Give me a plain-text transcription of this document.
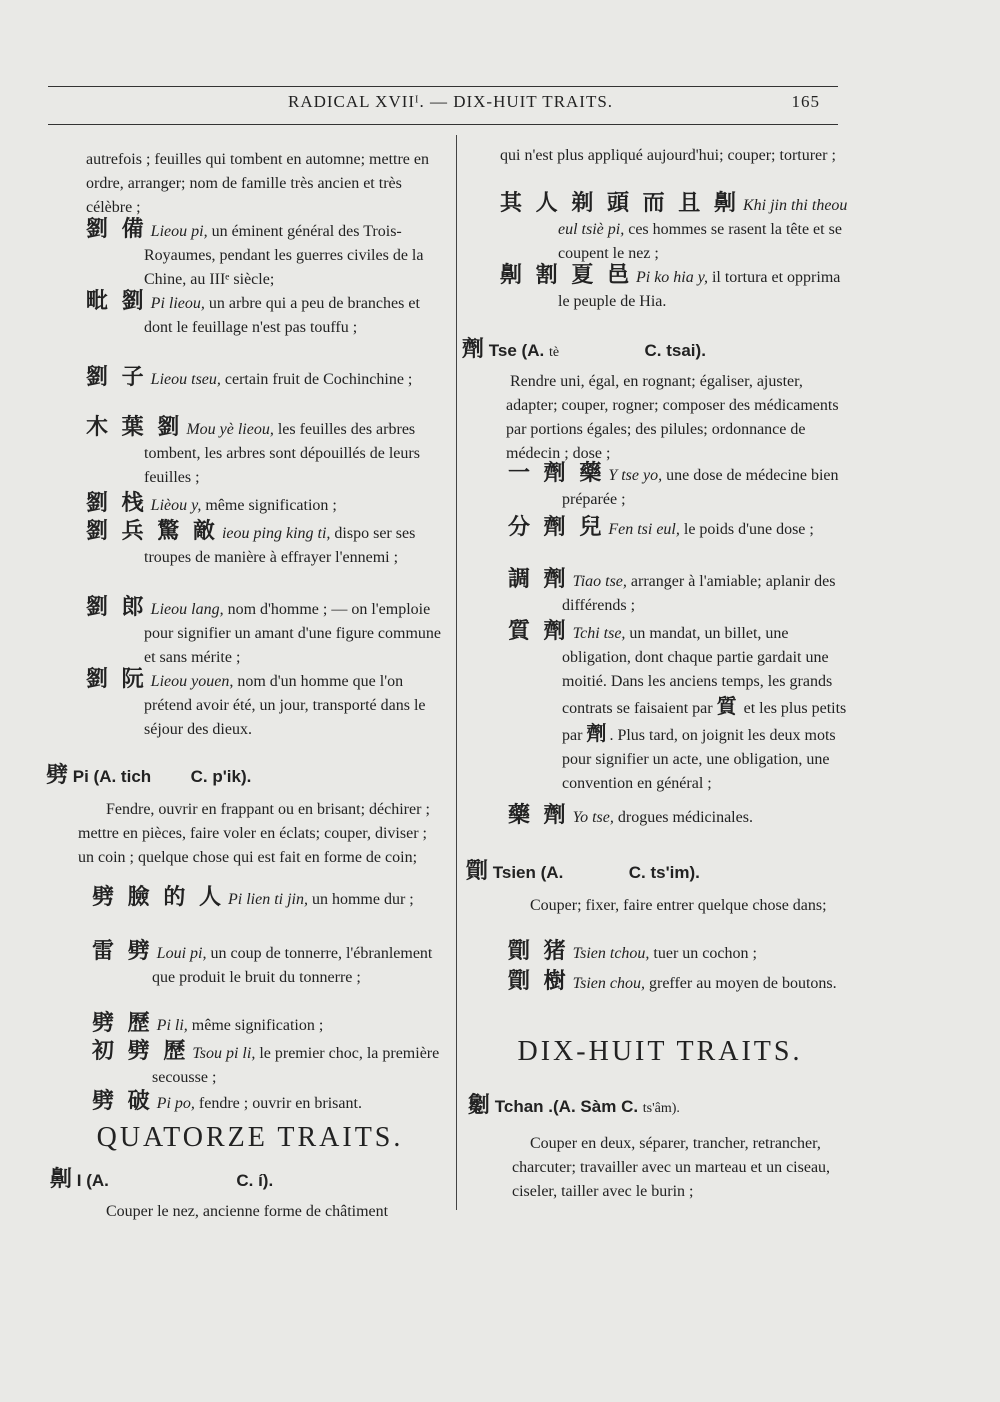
RADICAL XVIIᴵ. — DIX-HUIT TRAITS.	165

autrefois ; feuilles qui tombent en automne; mettre en ordre, arranger; nom de famille très ancien et très célèbre ;

劉 備 Lieou pi, un éminent général des Trois-Royaumes, pendant les guerres civiles de la Chine, au IIIᵉ siècle;

毗 劉 Pi lieou, un arbre qui a peu de branches et dont le feuillage n'est pas touffu ;

劉 子 Lieou tseu, certain fruit de Cochinchine ;

木 葉 劉 Mou yè lieou, les feuilles des arbres tombent, les arbres sont dépouillés de leurs feuilles ;

劉 栈 Lièou y, même signification ;

劉 兵 驚 敵 ieou ping king ti, dispo ser ses troupes de manière à effrayer l'ennemi ;

劉 郎 Lieou lang, nom d'homme ; — on l'emploie pour signifier un amant d'une figure commune et sans mérite ;

劉 阮 Lieou youen, nom d'un homme que l'on prétend avoir été, un jour, transporté dans le séjour des dieux.

劈 Pi (A. tich C. p'ik).

Fendre, ouvrir en frappant ou en brisant; déchirer ; mettre en pièces, faire voler en éclats; couper, diviser ; un coin ; quelque chose qui est fait en forme de coin;

劈 臉 的 人 Pi lien ti jin, un homme dur ;

雷 劈 Loui pi, un coup de tonnerre, l'ébranlement que produit le bruit du tonnerre ;

劈 歷 Pi li, même signification ;

初 劈 歷 Tsou pi li, le premier choc, la première secousse ;

劈 破 Pi po, fendre ; ouvrir en brisant.

QUATORZE TRAITS.
劓 I (A.	C. í).

Couper le nez, ancienne forme de châtiment

qui n'est plus appliqué aujourd'hui; couper; torturer ;

其 人 剃 頭 而 且 劓 Khi jin thi theou eul tsiè pi, ces hommes se rasent la tête et se coupent le nez ;

劓 割 夏 邑 Pi ko hia y, il tortura et opprima le peuple de Hia.

劑 Tse (A. tè	C. tsai).

Rendre uni, égal, en rognant; égaliser, ajuster, adapter; couper, rogner; composer des médicaments par portions égales; des pilules; ordonnance de médecin ; dose ;

一 劑 藥 Y tse yo, une dose de médecine bien préparée ;

分 劑 兒 Fen tsi eul, le poids d'une dose ;

調 劑 Tiao tse, arranger à l'amiable; aplanir des différends ;

質 劑 Tchi tse, un mandat, un billet, une obligation, dont chaque partie gardait une moitié. Dans les anciens temps, les grands contrats se faisaient par 質 et les plus petits par 劑. Plus tard, on joignit les deux mots pour signifier un acte, une obligation, une convention en général ;

藥 劑 Yo tse, drogues médicinales.

劕 Tsien (A.	C. ts'im).

Couper; fixer, faire entrer quelque chose dans;

劕 猪 Tsien tchou, tuer un cochon ;

劕 樹 Tsien chou, greffer au moyen de boutons.

DIX-HUIT TRAITS.
劖 Tchan .(A. Sàm C. ts'âm).

Couper en deux, séparer, trancher, retrancher, charcuter; travailler avec un marteau et un ciseau, ciseler, tailler avec le burin ;
